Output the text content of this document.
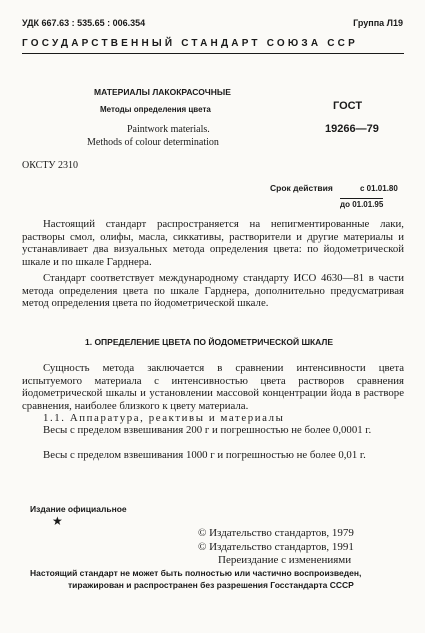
УДК 667.63 : 535.65 : 006.354	Группа Л19
ГОСУДАРСТВЕННЫЙ СТАНДАРТ СОЮЗА ССР
МАТЕРИАЛЫ ЛАКОКРАСОЧНЫЕ
Методы определения цвета
Paintwork materials.
Methods of colour determination
ГОСТ
19266—79
ОКСТУ 2310
Срок действия	с 01.01.80
до 01.01.95

Настоящий стандарт распространяется на непигментированные лаки, растворы смол, олифы, масла, сиккативы, растворители и другие материалы и устанавливает два визуальных метода определения цвета: по йодометрической шкале и по шкале Гарднера.

Стандарт соответствует международному стандарту ИСО 4630—81 в части метода определения цвета по шкале Гарднера, дополнительно предусматривая метод определения цвета по йодометрической шкале.

1. ОПРЕДЕЛЕНИЕ ЦВЕТА ПО ЙОДОМЕТРИЧЕСКОЙ ШКАЛЕ

Сущность метода заключается в сравнении интенсивности цвета испытуемого материала с интенсивностью цвета растворов сравнения йодометрической шкалы и установлении массовой концентрации йода в растворе сравнения, наиболее близкого к цвету материала.

1.1. Аппаратура, реактивы и материалы

Весы с пределом взвешивания 200 г и погрешностью не более 0,0001 г.

Весы с пределом взвешивания 1000 г и погрешностью не более 0,01 г.

Издание официальное
★
© Издательство стандартов, 1979
© Издательство стандартов, 1991
Переиздание с изменениями
Настоящий стандарт не может быть полностью или частично воспроизведен,
тиражирован и распространен без разрешения Госстандарта СССР
